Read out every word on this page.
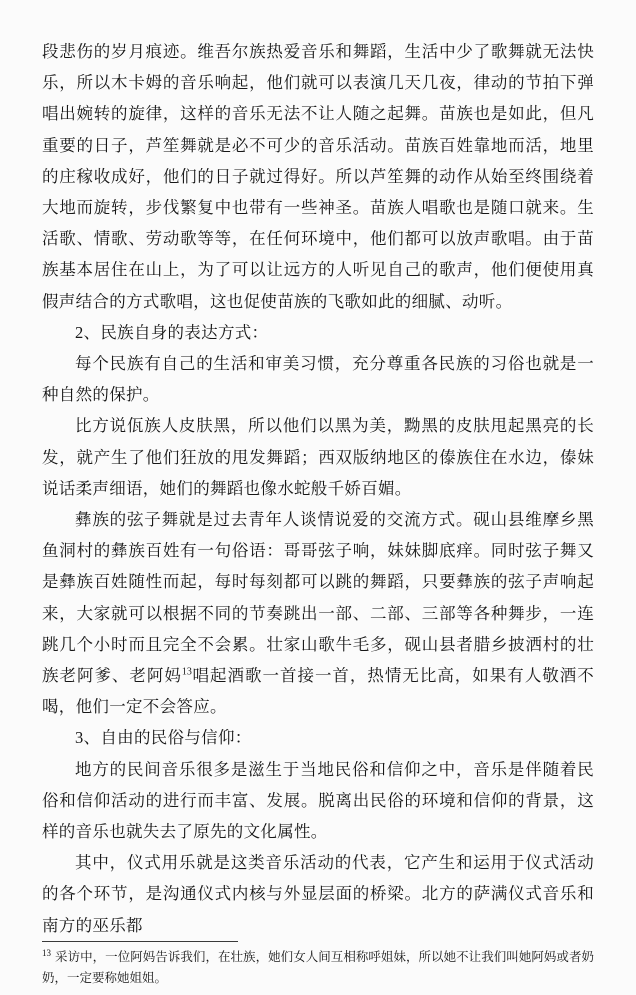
段悲伤的岁月痕迹。维吾尔族热爱音乐和舞蹈，生活中少了歌舞就无法快乐，所以木卡姆的音乐响起，他们就可以表演几天几夜，律动的节拍下弹唱出婉转的旋律，这样的音乐无法不让人随之起舞。苗族也是如此，但凡重要的日子，芦笙舞就是必不可少的音乐活动。苗族百姓靠地而活，地里的庄稼收成好，他们的日子就过得好。所以芦笙舞的动作从始至终围绕着大地而旋转，步伐繁复中也带有一些神圣。苗族人唱歌也是随口就来。生活歌、情歌、劳动歌等等，在任何环境中，他们都可以放声歌唱。由于苗族基本居住在山上，为了可以让远方的人听见自己的歌声，他们便使用真假声结合的方式歌唱，这也促使苗族的飞歌如此的细腻、动听。

2、民族自身的表达方式：

每个民族有自己的生活和审美习惯，充分尊重各民族的习俗也就是一种自然的保护。

比方说佤族人皮肤黑，所以他们以黑为美，黝黑的皮肤甩起黑亮的长发，就产生了他们狂放的甩发舞蹈；西双版纳地区的傣族住在水边，傣妹说话柔声细语，她们的舞蹈也像水蛇般千娇百媚。

彝族的弦子舞就是过去青年人谈情说爱的交流方式。砚山县维摩乡黑鱼洞村的彝族百姓有一句俗语：哥哥弦子响，妹妹脚底痒。同时弦子舞又是彝族百姓随性而起，每时每刻都可以跳的舞蹈，只要彝族的弦子声响起来，大家就可以根据不同的节奏跳出一部、二部、三部等各种舞步，一连跳几个小时而且完全不会累。壮家山歌牛毛多，砚山县者腊乡披洒村的壮族老阿爹、老阿妈$^{13}$唱起酒歌一首接一首，热情无比高，如果有人敬酒不喝，他们一定不会答应。

3、自由的民俗与信仰：

地方的民间音乐很多是滋生于当地民俗和信仰之中，音乐是伴随着民俗和信仰活动的进行而丰富、发展。脱离出民俗的环境和信仰的背景，这样的音乐也就失去了原先的文化属性。

其中，仪式用乐就是这类音乐活动的代表，它产生和运用于仪式活动的各个环节，是沟通仪式内核与外显层面的桥梁。北方的萨满仪式音乐和南方的巫乐都

$^{13}$ 采访中，一位阿妈告诉我们，在壮族，她们女人间互相称呼姐妹，所以她不让我们叫她阿妈或者奶奶，一定要称她姐姐。
